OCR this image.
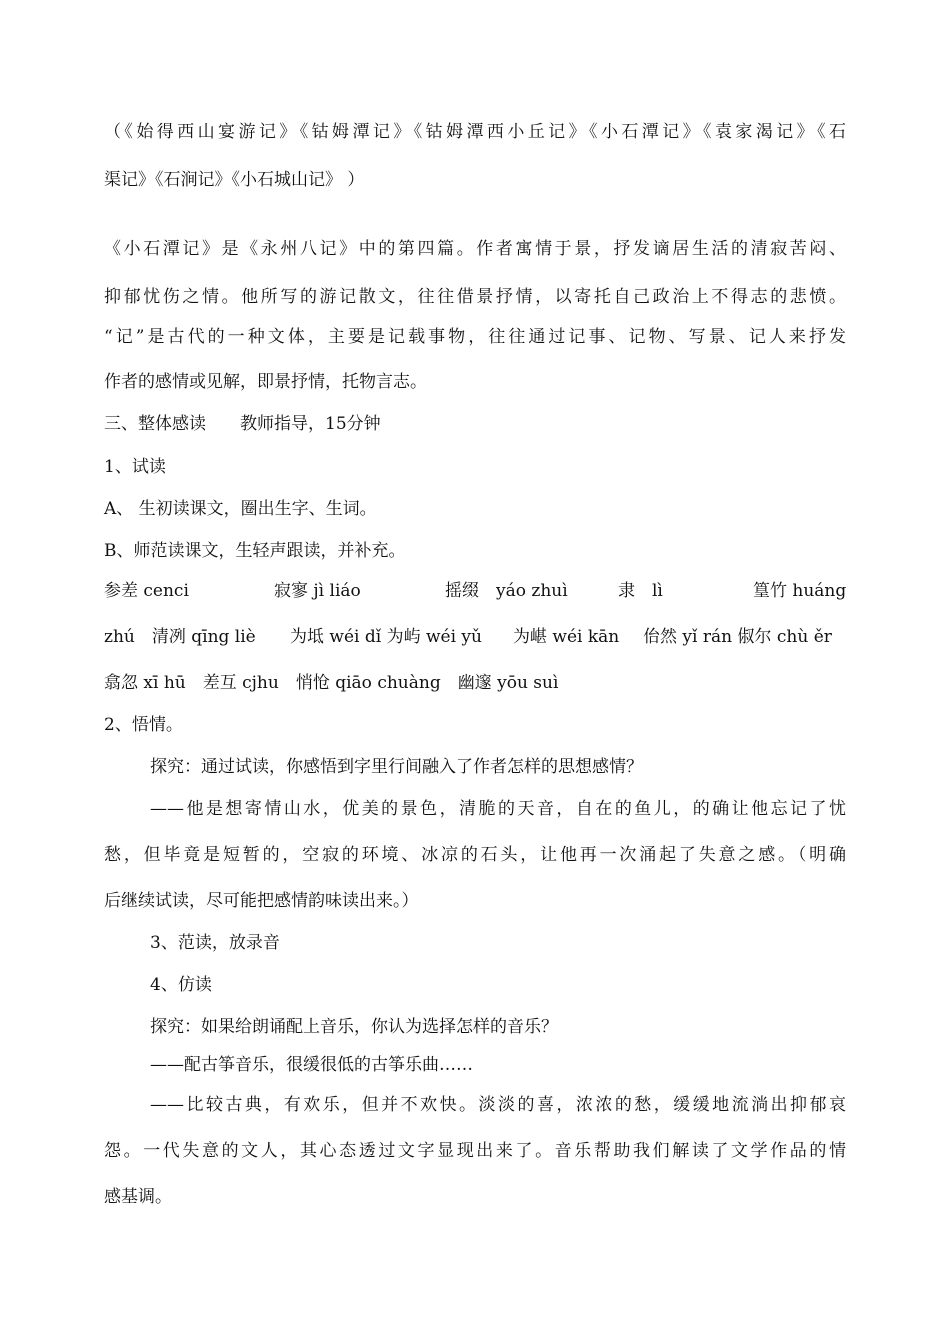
（《始得西山宴游记》《钴姆潭记》《钴姆潭西小丘记》《小石潭记》《袁家渴记》《石
渠记》《石涧记》《小石城山记》 ）
《小石潭记》是《永州八记》中的第四篇。作者寓情于景，抒发谪居生活的清寂苦闷、
抑郁忧伤之情。他所写的游记散文，往往借景抒情，以寄托自己政治上不得志的悲愤。
“记”是古代的一种文体，主要是记载事物，往往通过记事、记物、写景、记人来抒发
作者的感情或见解，即景抒情，托物言志。
三、整体感读　　教师指导，15分钟
1、试读
A、 生初读课文，圈出生字、生词。
B、师范读课文，生轻声跟读，并补充。
参差 cenci	寂寥 jì liáo	摇缀　yáo zhuì	隶　lì	篁竹 huáng
zhú　清冽 qīng liè 为坻 wéi dǐ 为屿 wéi yǔ 为嵁 wéi kān 佁然 yǐ rán 俶尔 chù ěr
翕忽 xī hū　差互 cjhu　悄怆 qiāo chuàng　幽邃 yōu suì
2、悟情。
探究：通过试读，你感悟到字里行间融入了作者怎样的思想感情？
——他是想寄情山水，优美的景色，清脆的天音，自在的鱼儿，的确让他忘记了忧
愁，但毕竟是短暂的，空寂的环境、冰凉的石头，让他再一次涌起了失意之感。（明确
后继续试读，尽可能把感情韵味读出来。）
3、范读，放录音
4、仿读
探究：如果给朗诵配上音乐，你认为选择怎样的音乐？
——配古筝音乐，很缓很低的古筝乐曲……
——比较古典，有欢乐，但并不欢快。淡淡的喜，浓浓的愁，缓缓地流淌出抑郁哀
怨。一代失意的文人，其心态透过文字显现出来了。音乐帮助我们解读了文学作品的情
感基调。
